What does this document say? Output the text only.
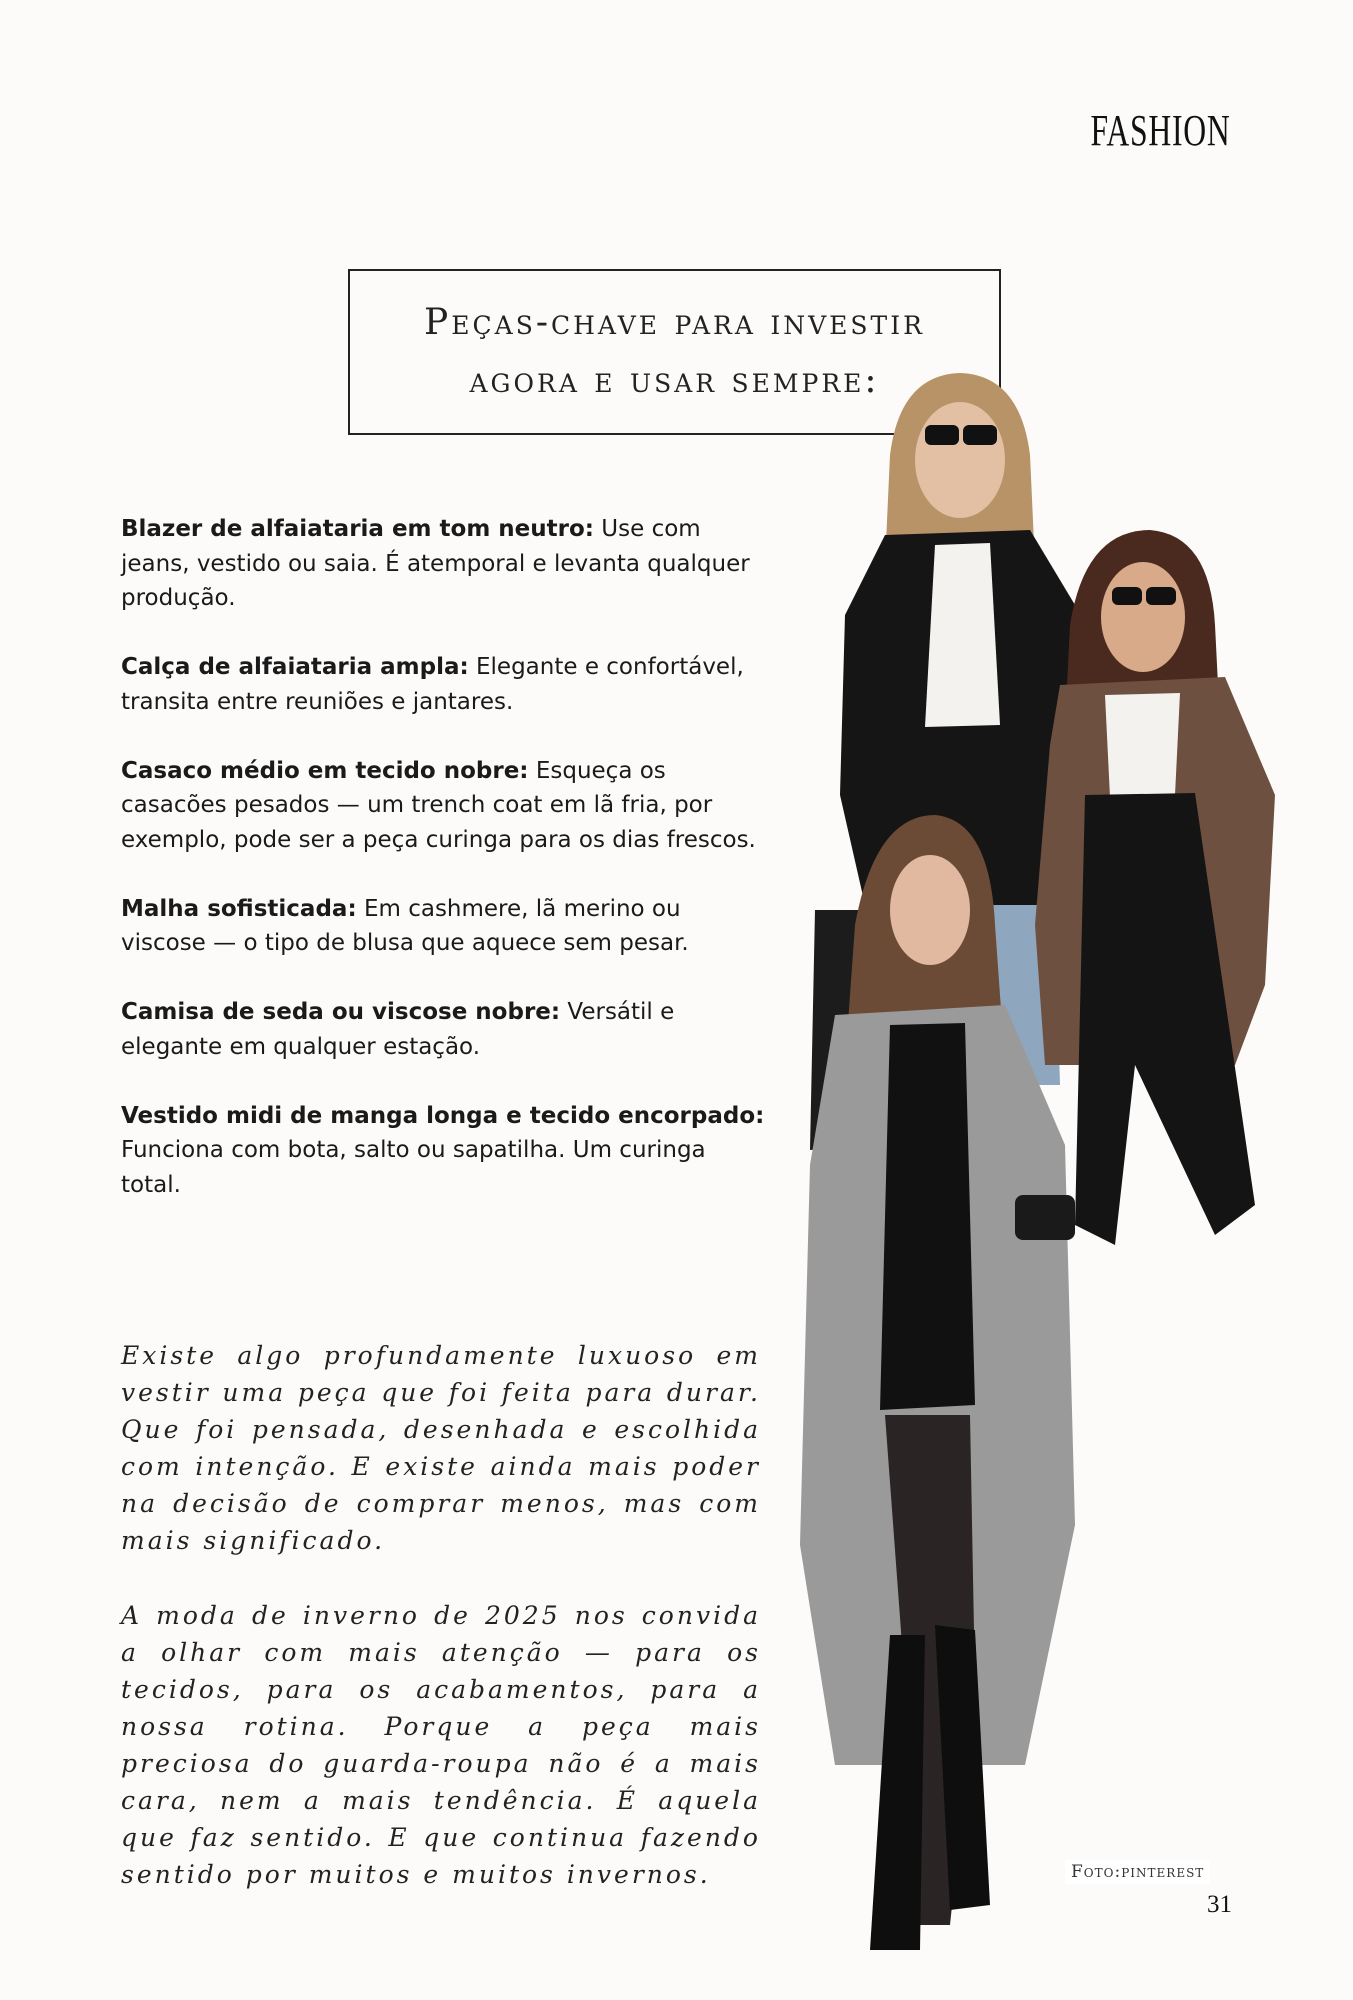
FASHION
Peças-chave para investir
agora e usar sempre:
Blazer de alfaiataria em tom neutro: Use com jeans, vestido ou saia. É atemporal e levanta qualquer produção.
Calça de alfaiataria ampla: Elegante e confortável, transita entre reuniões e jantares.
Casaco médio em tecido nobre: Esqueça os casacões pesados — um trench coat em lã fria, por exemplo, pode ser a peça curinga para os dias frescos.
Malha sofisticada: Em cashmere, lã merino ou viscose — o tipo de blusa que aquece sem pesar.
Camisa de seda ou viscose nobre: Versátil e elegante em qualquer estação.
Vestido midi de manga longa e tecido encorpado: Funciona com bota, salto ou sapatilha. Um curinga total.

Existe algo profundamente luxuoso em vestir uma peça que foi feita para durar. Que foi pensada, desenhada e escolhida com intenção. E existe ainda mais poder na decisão de comprar menos, mas com mais significado.

A moda de inverno de 2025 nos convida a olhar com mais atenção — para os tecidos, para os acabamentos, para a nossa rotina. Porque a peça mais preciosa do guarda-roupa não é a mais cara, nem a mais tendência. É aquela que faz sentido. E que continua fazendo sentido por muitos e muitos invernos.	Foto:pinterest
31
